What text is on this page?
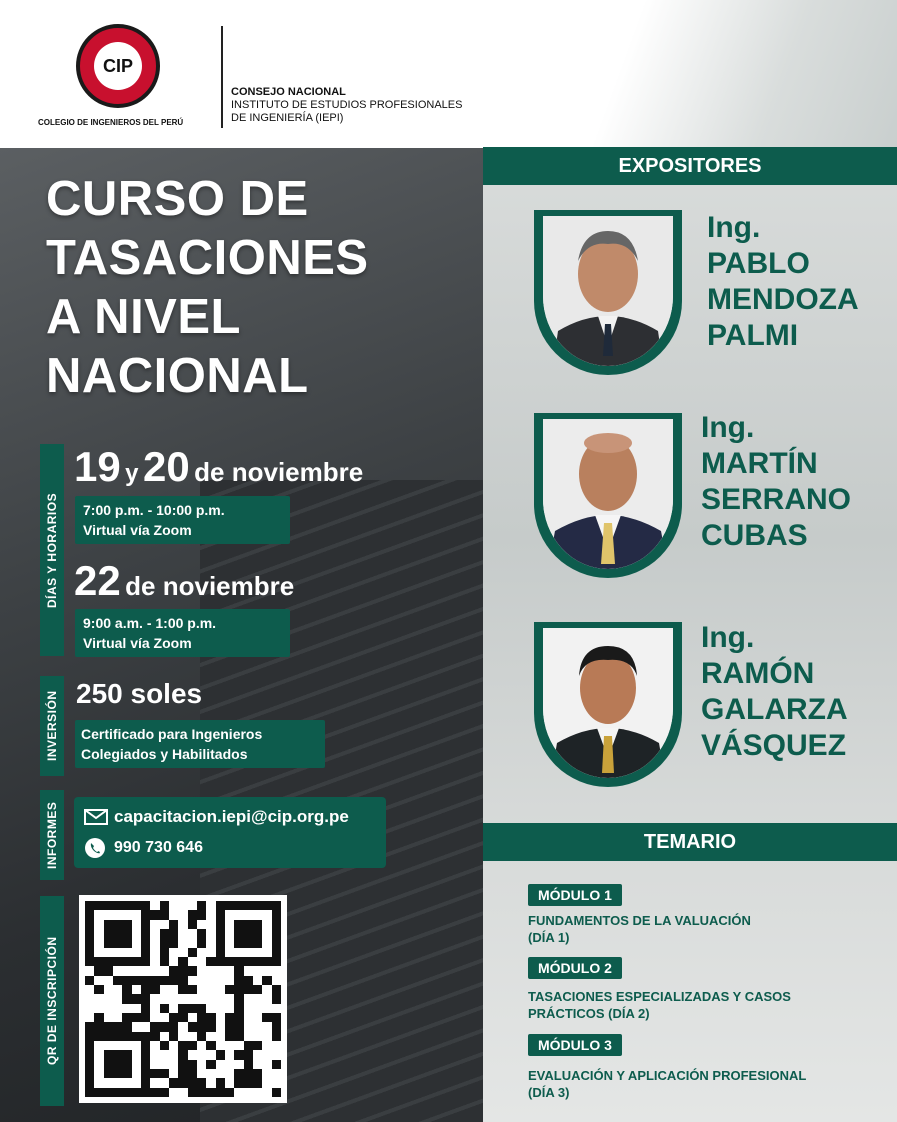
CIP
COLEGIO DE INGENIEROS DEL PERÚ
CONSEJO NACIONAL
INSTITUTO DE ESTUDIOS PROFESIONALES
DE INGENIERÍA (IEPI)
CURSO DE
TASACIONES
A NIVEL
NACIONAL
DÍAS Y HORARIOS
INVERSIÓN
INFORMES
QR DE INSCRIPCIÓN
19 y 20 de noviembre
7:00 p.m. - 10:00 p.m.
Virtual vía Zoom
22 de noviembre
9:00 a.m. - 1:00 p.m.
Virtual vía Zoom
250 soles
Certificado para Ingenieros
Colegiados y Habilitados
capacitacion.iepi@cip.org.pe
990 730 646
EXPOSITORES
Ing.
PABLO
MENDOZA
PALMI
Ing.
MARTÍN
SERRANO
CUBAS
Ing.
RAMÓN
GALARZA
VÁSQUEZ
TEMARIO
MÓDULO 1
FUNDAMENTOS DE LA VALUACIÓN
(DÍA 1)
MÓDULO 2
TASACIONES ESPECIALIZADAS Y CASOS
PRÁCTICOS (DÍA 2)
MÓDULO 3
EVALUACIÓN Y APLICACIÓN PROFESIONAL
(DÍA 3)
